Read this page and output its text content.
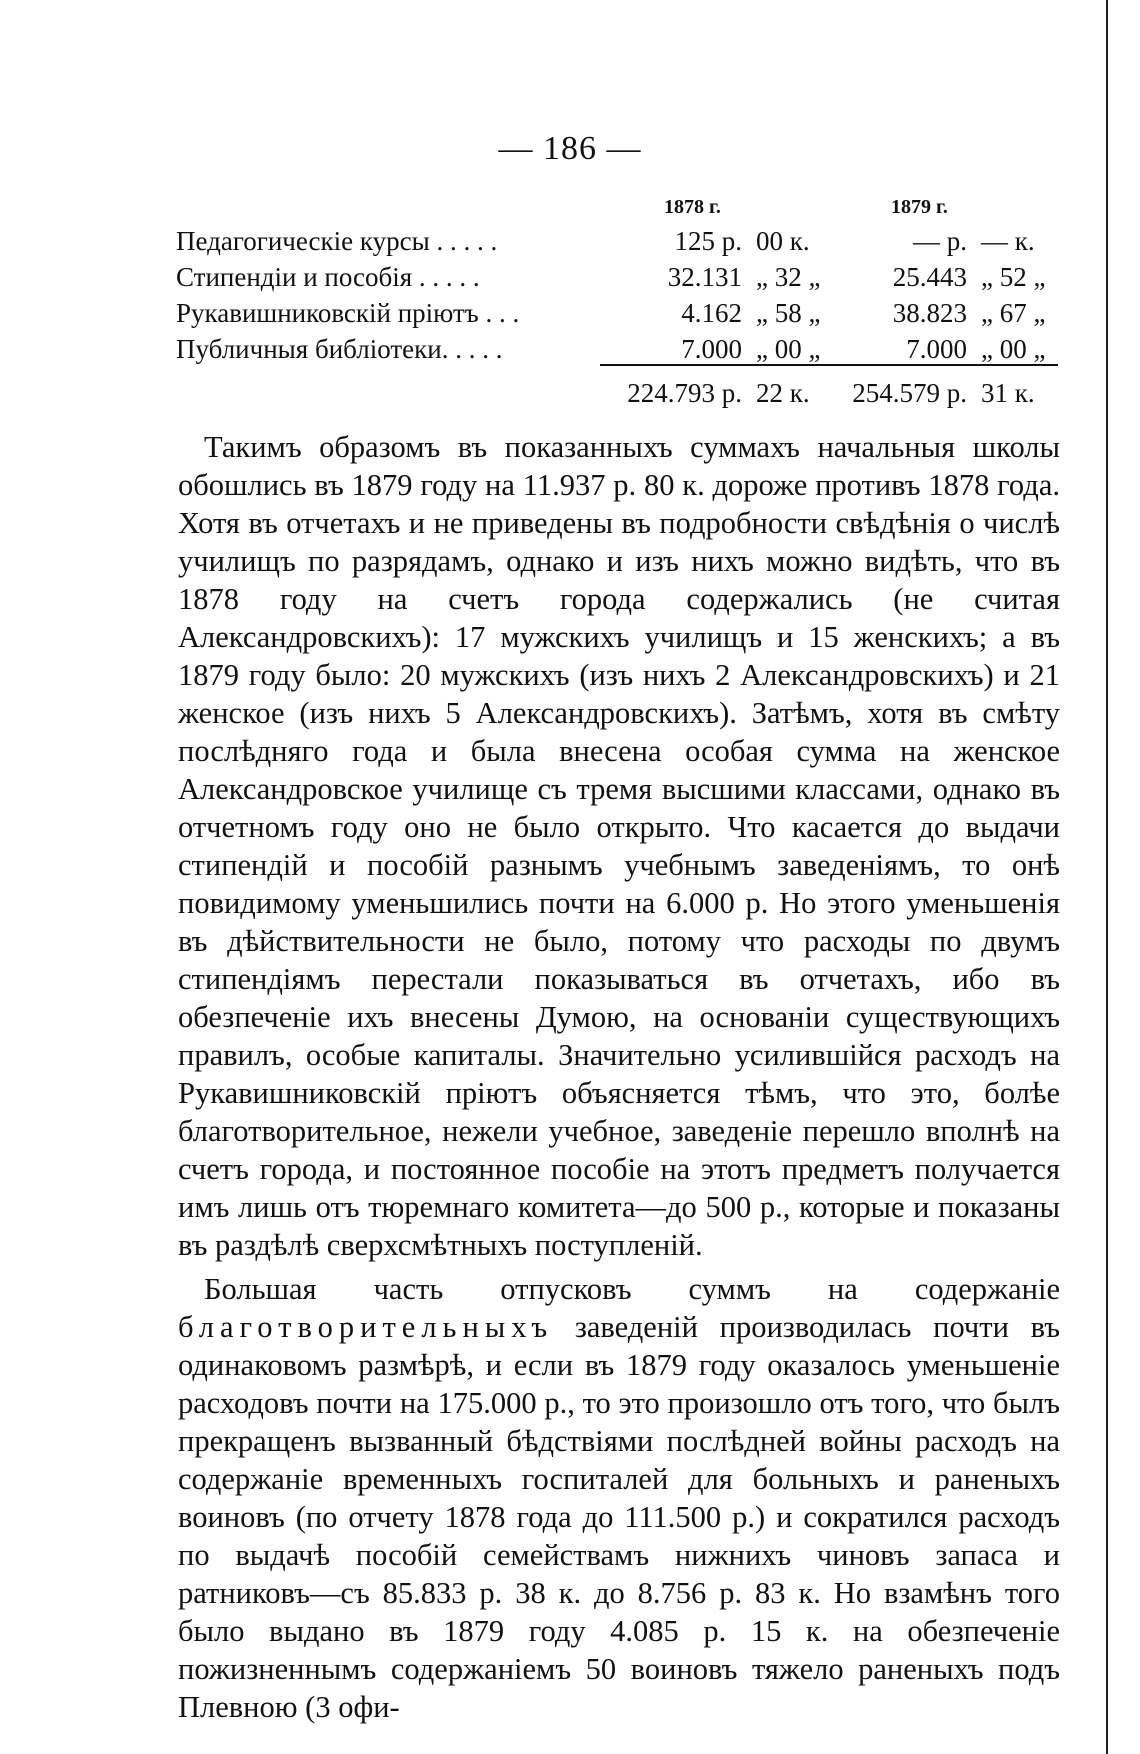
— 186 —
1878 г.	1879 г.
Педагогическіе курсы . . . . .	125 р. 00 к.	— р. — к.
Стипендіи и пособія . . . . .	32.131 „ 32 „	25.443 „ 52 „
Рукавишниковскій пріютъ . . .	4.162 „ 58 „	38.823 „ 67 „
Публичныя библіотеки. . . . .	7.000 „ 00 „	7.000 „ 00 „
224.793 р. 22 к.	254.579 р. 31 к.

Такимъ образомъ въ показанныхъ суммахъ начальныя школы обошлись въ 1879 году на 11.937 р. 80 к. дороже противъ 1878 года. Хотя въ отчетахъ и не приведены въ подробности свѣдѣнія о числѣ училищъ по разрядамъ, однако и изъ нихъ можно видѣть, что въ 1878 году на счетъ города содержались (не считая Александровскихъ): 17 мужскихъ училищъ и 15 женскихъ; а въ 1879 году было: 20 мужскихъ (изъ нихъ 2 Александровскихъ) и 21 женское (изъ нихъ 5 Александровскихъ). Затѣмъ, хотя въ смѣту послѣдняго года и была внесена особая сумма на женское Александровское училище съ тремя высшими классами, однако въ отчетномъ году оно не было открыто. Что касается до выдачи стипендій и пособій разнымъ учебнымъ заведеніямъ, то онѣ повидимому уменьшились почти на 6.000 р. Но этого уменьшенія въ дѣйствительности не было, потому что расходы по двумъ стипендіямъ перестали показываться въ отчетахъ, ибо въ обезпеченіе ихъ внесены Думою, на основаніи существующихъ правилъ, особые капиталы. Значительно усилившійся расходъ на Рукавишниковскій пріютъ объясняется тѣмъ, что это, болѣе благотворительное, нежели учебное, заведеніе перешло вполнѣ на счетъ города, и постоянное пособіе на этотъ предметъ получается имъ лишь отъ тюремнаго комитета—до 500 р., которые и показаны въ раздѣлѣ сверхсмѣтныхъ поступленій.

Большая часть отпусковъ суммъ на содержаніе благотворительныхъ заведеній производилась почти въ одинаковомъ размѣрѣ, и если въ 1879 году оказалось уменьшеніе расходовъ почти на 175.000 р., то это произошло отъ того, что былъ прекращенъ вызванный бѣдствіями послѣдней войны расходъ на содержаніе временныхъ госпиталей для больныхъ и раненыхъ воиновъ (по отчету 1878 года до 111.500 р.) и сократился расходъ по выдачѣ пособій семействамъ нижнихъ чиновъ запаса и ратниковъ—съ 85.833 р. 38 к. до 8.756 р. 83 к. Но взамѣнъ того было выдано въ 1879 году 4.085 р. 15 к. на обезпеченіе пожизненнымъ содержаніемъ 50 воиновъ тяжело раненыхъ подъ Плевною (3 офи-
